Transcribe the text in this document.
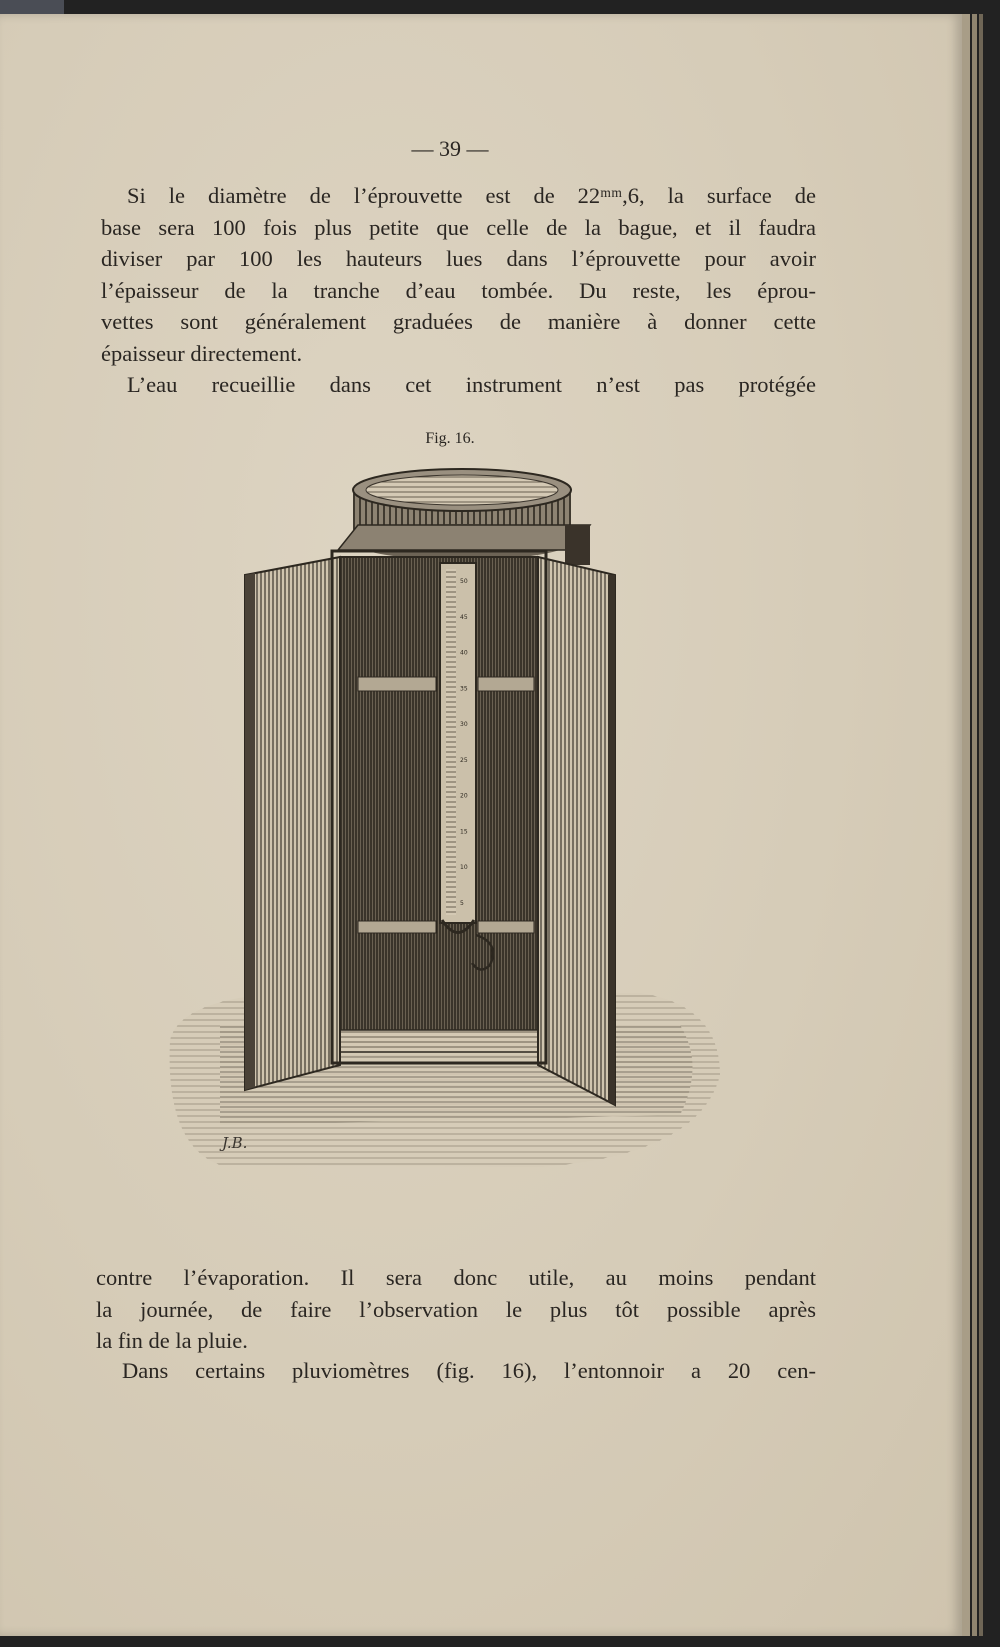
— 39 —
Si le diamètre de l’éprouvette est de 22ᵐᵐ,6, la surface de
base sera 100 fois plus petite que celle de la bague, et il faudra
diviser par 100 les hauteurs lues dans l’éprouvette pour avoir
l’épaisseur de la tranche d’eau tombée. Du reste, les éprou-
vettes sont généralement graduées de manière à donner cette
épaisseur directement.
L’eau recueillie dans cet instrument n’est pas protégée
Fig. 16.
50
45
40
35
30
25
20
15
10
5
J.B.
contre l’évaporation. Il sera donc utile, au moins pendant
la journée, de faire l’observation le plus tôt possible après
la fin de la pluie.
Dans certains pluviomètres (fig. 16), l’entonnoir a 20 cen-
